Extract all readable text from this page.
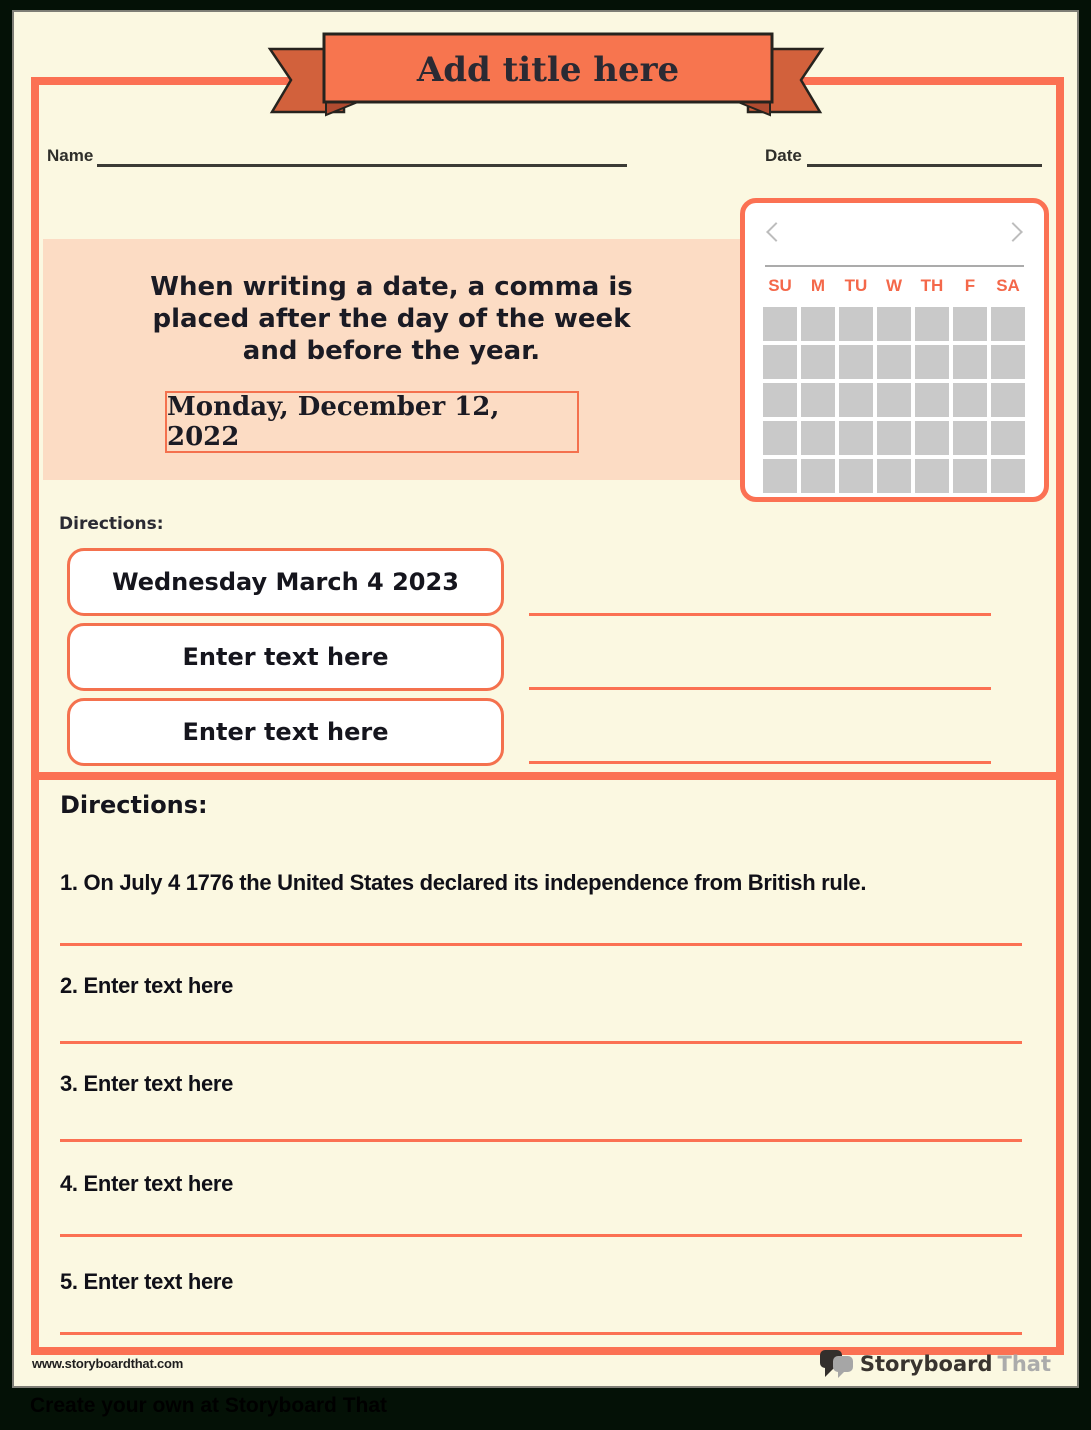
Add title here
Name	Date
When writing a date, a comma is
placed after the day of the week
and before the year.
Monday, December 12, 2022
SU	M	TU	W	TH	F	SA
Directions:
Wednesday March 4 2023
Enter text here
Enter text here
Directions:
1. On July 4 1776 the United States declared its independence from British rule.
2. Enter text here
3. Enter text here
4. Enter text here
5. Enter text here
www.storyboardthat.com	Storyboard That
Create your own at Storyboard That
